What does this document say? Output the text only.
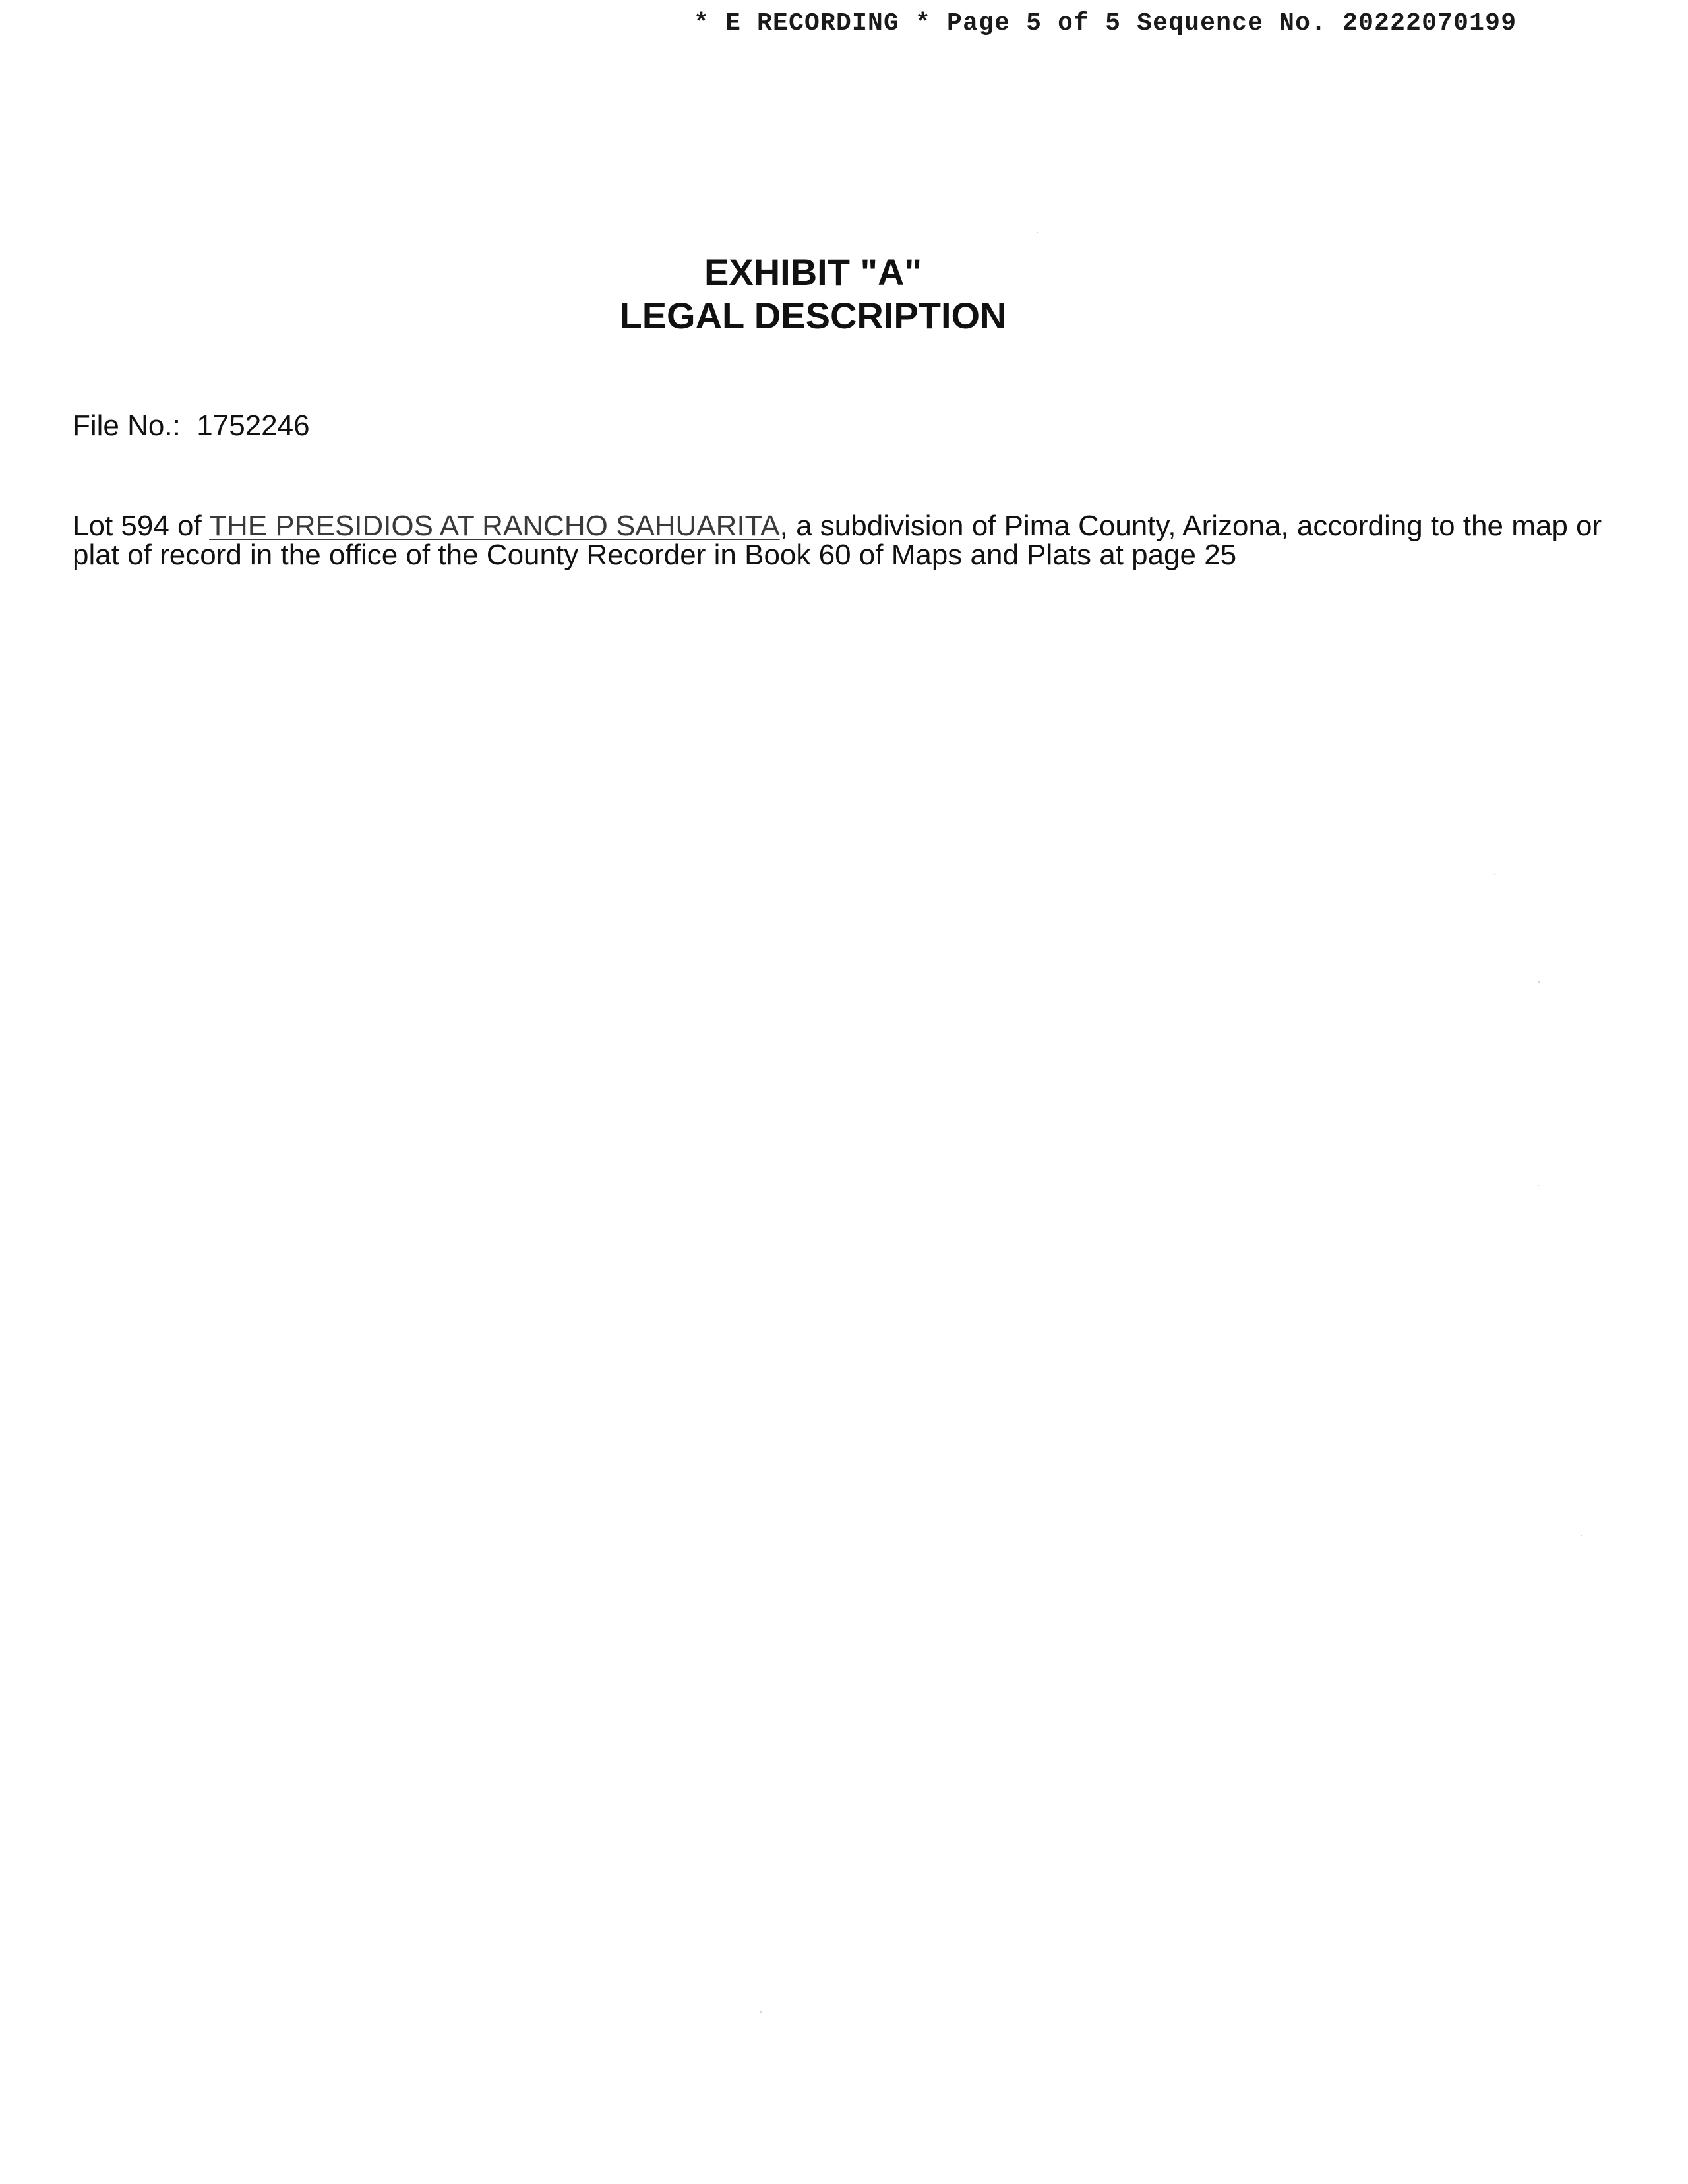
* E RECORDING * Page 5 of 5 Sequence No. 20222070199
EXHIBIT "A"
LEGAL DESCRIPTION
File No.: 1752246
Lot 594 of THE PRESIDIOS AT RANCHO SAHUARITA, a subdivision of Pima County, Arizona, according to the map or plat of record in the office of the County Recorder in Book 60 of Maps and Plats at page 25
